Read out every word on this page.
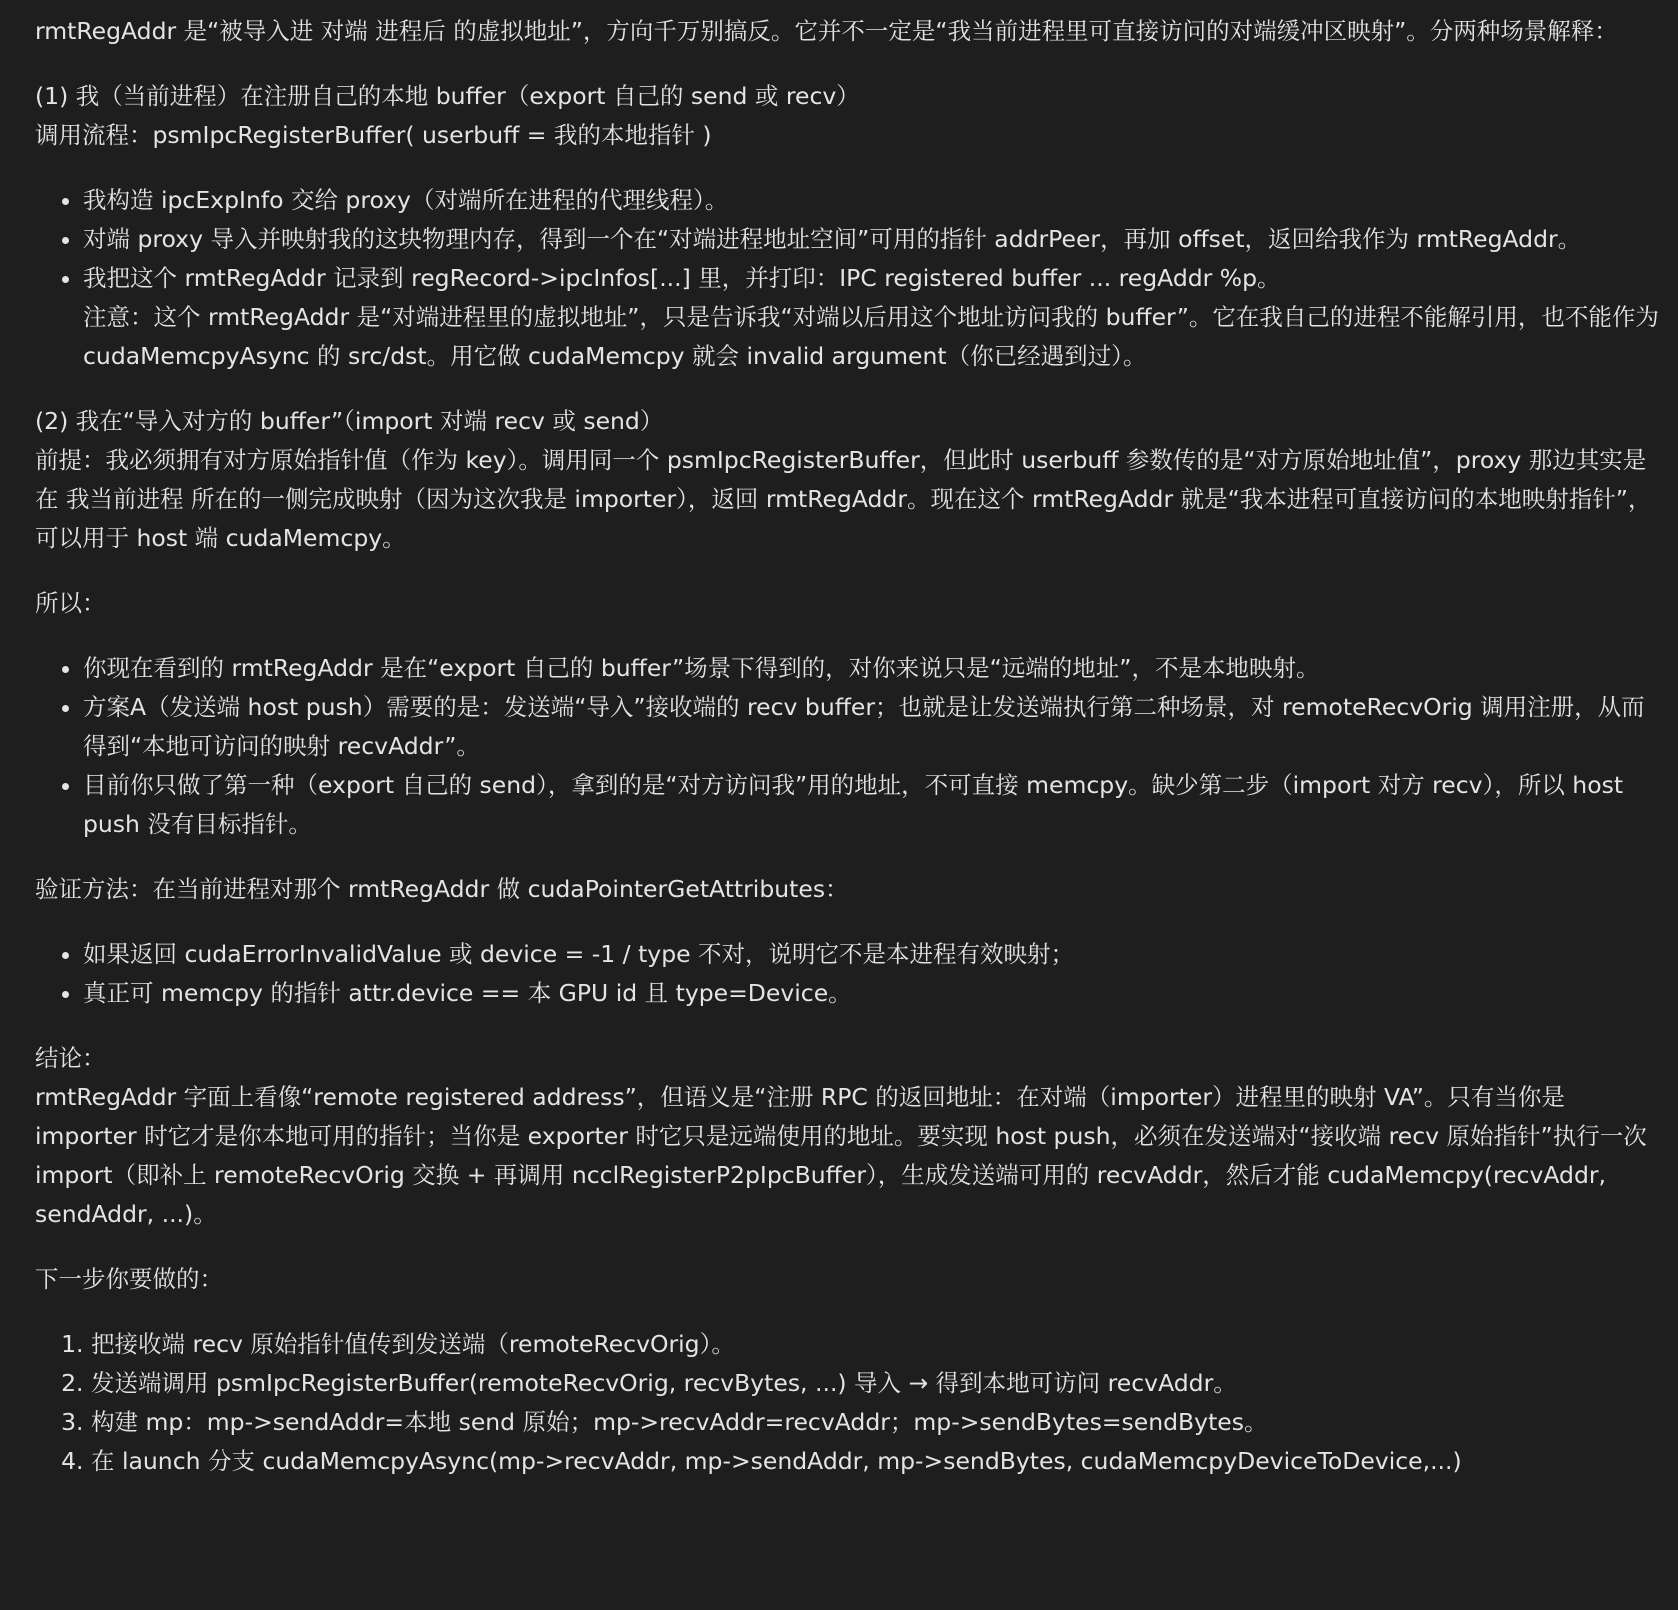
rmtRegAddr 是“被导入进 对端 进程后 的虚拟地址”，方向千万别搞反。它并不一定是“我当前进程里可直接访问的对端缓冲区映射”。分两种场景解释：

(1) 我（当前进程）在注册自己的本地 buffer（export 自己的 send 或 recv）
调用流程：psmIpcRegisterBuffer( userbuff = 我的本地指针 )

• 我构造 ipcExpInfo 交给 proxy（对端所在进程的代理线程）。
• 对端 proxy 导入并映射我的这块物理内存，得到一个在“对端进程地址空间”可用的指针 addrPeer，再加 offset，返回给我作为 rmtRegAddr。
• 我把这个 rmtRegAddr 记录到 regRecord->ipcInfos[...] 里，并打印：IPC registered buffer ... regAddr %p。
注意：这个 rmtRegAddr 是“对端进程里的虚拟地址”，只是告诉我“对端以后用这个地址访问我的 buffer”。它在我自己的进程不能解引用，也不能作为 cudaMemcpyAsync 的 src/dst。用它做 cudaMemcpy 就会 invalid argument（你已经遇到过）。

(2) 我在“导入对方的 buffer”（import 对端 recv 或 send）
前提：我必须拥有对方原始指针值（作为 key）。调用同一个 psmIpcRegisterBuffer，但此时 userbuff 参数传的是“对方原始地址值”，proxy 那边其实是在 我当前进程 所在的一侧完成映射（因为这次我是 importer），返回 rmtRegAddr。现在这个 rmtRegAddr 就是“我本进程可直接访问的本地映射指针”，可以用于 host 端 cudaMemcpy。

所以：

• 你现在看到的 rmtRegAddr 是在“export 自己的 buffer”场景下得到的，对你来说只是“远端的地址”，不是本地映射。
• 方案A（发送端 host push）需要的是：发送端“导入”接收端的 recv buffer；也就是让发送端执行第二种场景，对 remoteRecvOrig 调用注册，从而得到“本地可访问的映射 recvAddr”。
• 目前你只做了第一种（export 自己的 send），拿到的是“对方访问我”用的地址，不可直接 memcpy。缺少第二步（import 对方 recv），所以 host push 没有目标指针。

验证方法：在当前进程对那个 rmtRegAddr 做 cudaPointerGetAttributes：

• 如果返回 cudaErrorInvalidValue 或 device = -1 / type 不对，说明它不是本进程有效映射；
• 真正可 memcpy 的指针 attr.device == 本 GPU id 且 type=Device。

结论：
rmtRegAddr 字面上看像“remote registered address”，但语义是“注册 RPC 的返回地址：在对端（importer）进程里的映射 VA”。只有当你是 importer 时它才是你本地可用的指针；当你是 exporter 时它只是远端使用的地址。要实现 host push，必须在发送端对“接收端 recv 原始指针”执行一次 import（即补上 remoteRecvOrig 交换 + 再调用 ncclRegisterP2pIpcBuffer），生成发送端可用的 recvAddr，然后才能 cudaMemcpy(recvAddr, sendAddr, ...)。

下一步你要做的：

1. 把接收端 recv 原始指针值传到发送端（remoteRecvOrig）。
2. 发送端调用 psmIpcRegisterBuffer(remoteRecvOrig, recvBytes, ...) 导入 → 得到本地可访问 recvAddr。
3. 构建 mp：mp->sendAddr=本地 send 原始；mp->recvAddr=recvAddr；mp->sendBytes=sendBytes。
4. 在 launch 分支 cudaMemcpyAsync(mp->recvAddr, mp->sendAddr, mp->sendBytes, cudaMemcpyDeviceToDevice,...)
